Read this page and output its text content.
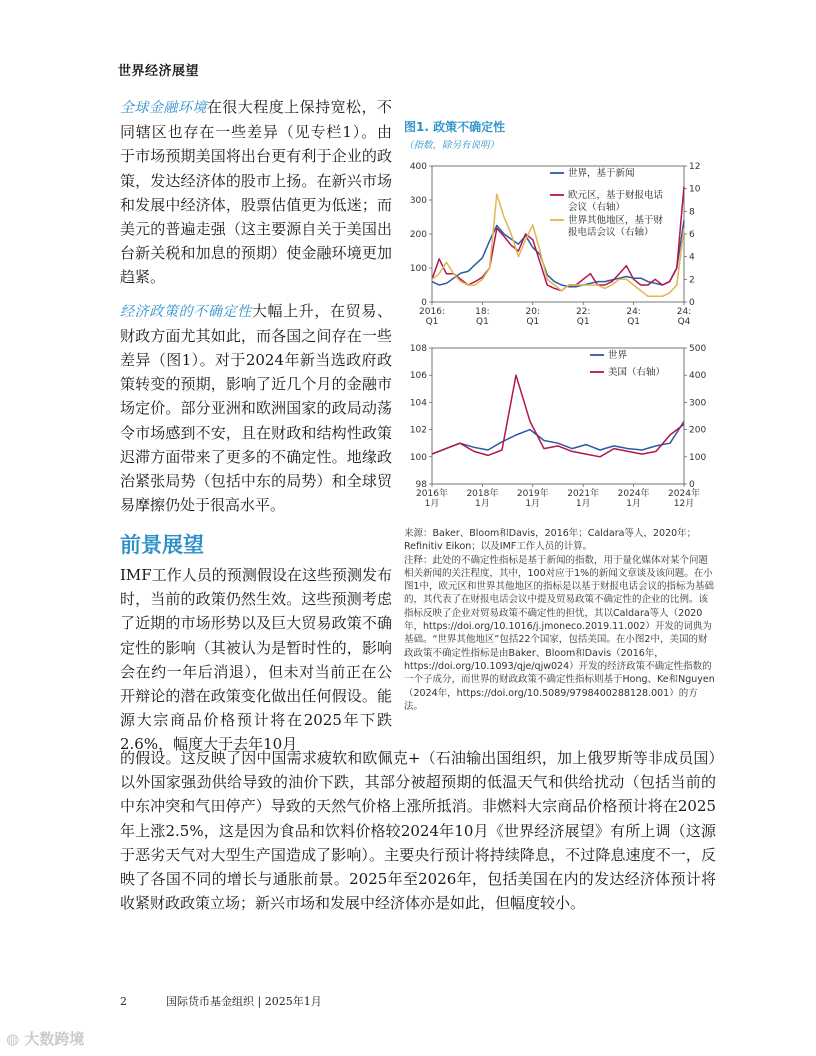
世界经济展望

全球金融环境在很大程度上保持宽松，不同辖区也存在一些差异（见专栏1）。由于市场预期美国将出台更有利于企业的政策，发达经济体的股市上扬。在新兴市场和发展中经济体，股票估值更为低迷；而美元的普遍走强（这主要源自关于美国出台新关税和加息的预期）使金融环境更加趋紧。

经济政策的不确定性大幅上升，在贸易、财政方面尤其如此，而各国之间存在一些差异（图1）。对于2024年新当选政府政策转变的预期，影响了近几个月的金融市场定价。部分亚洲和欧洲国家的政局动荡令市场感到不安，且在财政和结构性政策迟滞方面带来了更多的不确定性。地缘政治紧张局势（包括中东的局势）和全球贸易摩擦仍处于很高水平。

前景展望
IMF工作人员的预测假设在这些预测发布时，当前的政策仍然生效。这些预测考虑了近期的市场形势以及巨大贸易政策不确定性的影响（其被认为是暂时性的，影响会在约一年后消退），但未对当前正在公开辩论的潜在政策变化做出任何假设。能源大宗商品价格预计将在2025年下跌2.6%，幅度大于去年10月
的假设。这反映了因中国需求疲软和欧佩克+（石油输出国组织，加上俄罗斯等非成员国）以外国家强劲供给导致的油价下跌，其部分被超预期的低温天气和供给扰动（包括当前的中东冲突和气田停产）导致的天然气价格上涨所抵消。非燃料大宗商品价格预计将在2025年上涨2.5%，这是因为食品和饮料价格较2024年10月《世界经济展望》有所上调（这源于恶劣天气对大型生产国造成了影响）。主要央行预计将持续降息，不过降息速度不一，反映了各国不同的增长与通胀前景。2025年至2026年，包括美国在内的发达经济体预计将收紧财政政策立场；新兴市场和发展中经济体亦是如此，但幅度较小。
图1. 政策不确定性
（指数，除另有说明）
400
300
200
100
0
12
10
8
6
4
2
0
2016:
Q1
18:
Q1
20:
Q1
22:
Q1
24:
Q1
24:
Q4
世界，基于新闻
欧元区，基于财报电话
会议（右轴）
世界其他地区，基于财
报电话会议（右轴）
108
106
104
102
100
98
500
400
300
200
100
0
2016年
1月
2018年
1月
2019年
1月
2021年
1月
2024年
1月
2024年
12月
世界
美国（右轴）

来源：Baker、Bloom和Davis，2016年；Caldara等人，2020年；Refinitiv Eikon；以及IMF工作人员的计算。

注释：此处的不确定性指标是基于新闻的指数，用于量化媒体对某个问题相关新闻的关注程度，其中，100对应于1%的新闻文章谈及该问题。在小图1中，欧元区和世界其他地区的指标是以基于财报电话会议的指标为基础的，其代表了在财报电话会议中提及贸易政策不确定性的企业的比例。该指标反映了企业对贸易政策不确定性的担忧，其以Caldara等人（2020年，https://doi.org/10.1016/j.jmoneco.2019.11.002）开发的词典为基础。“世界其他地区”包括22个国家，包括美国。在小图2中，美国的财政政策不确定性指标是由Baker、Bloom和Davis（2016年，https://doi.org/10.1093/qje/qjw024）开发的经济政策不确定性指数的一个子成分，而世界的财政政策不确定性指标则基于Hong、Ke和Nguyen（2024年，https://doi.org/10.5089/9798400288128.001）的方法。

2	国际货币基金组织 | 2025年1月
◍ 大数跨境
